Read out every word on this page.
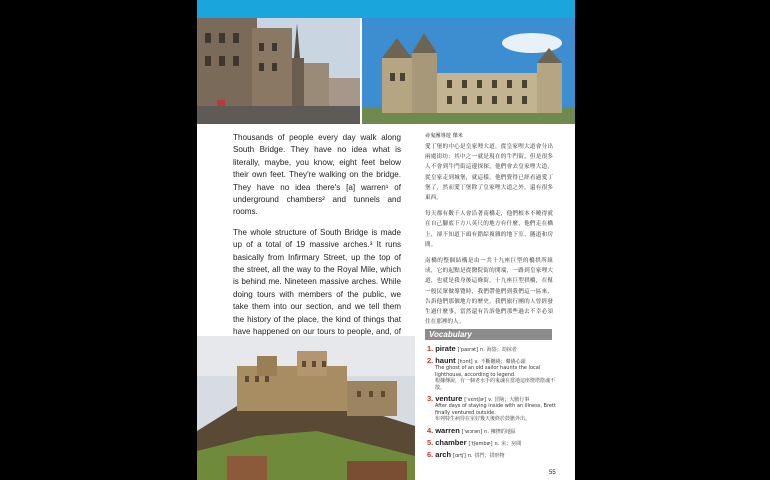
Thousands of people every day walk along South Bridge. They have no idea what is literally, maybe, you know, eight feet below their own feet. They're walking on the bridge. They have no idea there's [a] warren¹ of underground chambers² and tunnels and rooms.

The whole structure of South Bridge is made up of a total of 19 massive arches.³ It runs basically from Infirmary Street, up the top of the street, all the way to the Royal Mile, which is behind me. Nineteen massive arches. While doing tours with members of the public, we take them into our section, and we tell them the history of the place, the kind of things that have happened on our tours to people, and, of

尋鬼團導遊 傑米

愛丁堡的中心是皇家哩大道，從皇家哩大道會分出兩處街坊：其中之一就是現在的牛門街，但是很多人不會到牛門街這邊探探，他們會去皇家哩大道，從皇家走到城堡，就這樣，他們覺得已經看過愛丁堡了，然而愛丁堡除了皇家哩大道之外，還有很多東西。

每天都有數千人會沿著南橋走，他們根本不曉得就在自己腳底下方八英尺的地方有什麼，他們走在橋上，卻不知道下頭有錯綜複雜的地下室、隧道和房間。

南橋的整個結構是由一共十九座巨型的橋拱所組成，它的起點是從醫院街的開端，一路到皇家哩大道，也就是我身後這條街，十九座巨型拱橋，在幫一般民眾做導覽時，我們帶他們到我們這一區來，告訴他們那個地方的歷史，我們旅行團的人曾經發生過什麼事，當然還有告訴他們那些過去不幸必須住在那裡的人。

Vocabulary
1. pirate [ˈpaɪrət] n. 海盜；劫掠者
2. haunt [hɔnt] v. 不斷纏繞；縈繞心頭
The ghost of an old sailor haunts the local lighthouse, according to legend.
根據傳說，有一個老水手的鬼魂在當地這座燈塔陰魂不散。
3. venture [ˈvɛntʃɚ] v. 冒險；大膽行事
After days of staying inside with an illness, Brett finally ventured outside.
布列特生病待在室好幾天後終於鼓膽外出。
4. warren [ˈwɔrən] n. 擁擠的地區
5. chamber [ˈtʃembɚ] n. 室；房間
6. arch [ɑrtʃ] n. 拱門；拱形物
55
